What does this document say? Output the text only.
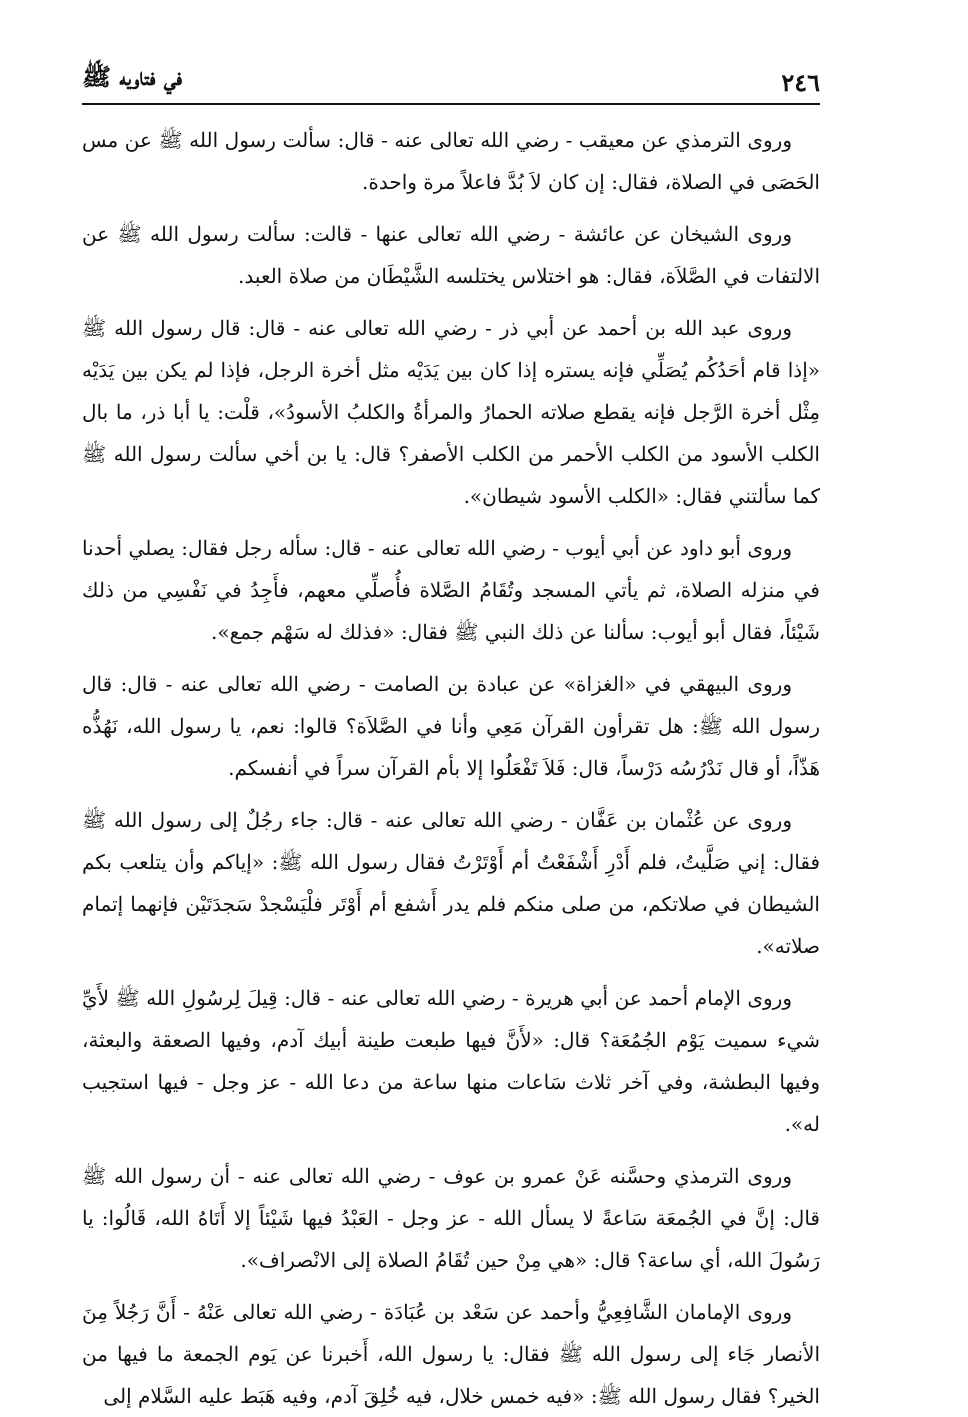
٢٤٦
في فتاويه ﷺ

وروى الترمذي عن معيقب - رضي الله تعالى عنه - قال: سألت رسول الله ﷺ عن مس الحَصَى في الصلاة، فقال: إن كان لاَ بُدَّ فاعلاً مرة واحدة.

وروى الشيخان عن عائشة - رضي الله تعالى عنها - قالت: سألت رسول الله ﷺ عن الالتفات في الصَّلاَة، فقال: هو اختلاس يختلسه الشَّيْطَان من صلاة العبد.

وروى عبد الله بن أحمد عن أبي ذر - رضي الله تعالى عنه - قال: قال رسول الله ﷺ «إذا قام أحَدُكُم يُصَلِّي فإنه يستره إذا كان بين يَدَيْه مثل أخرة الرجل، فإذا لم يكن بين يَدَيْه مِثْل أخرة الرَّجل فإنه يقطع صلاته الحمارُ والمرأةُ والكلبُ الأسودُ»، قلْت: يا أبا ذر، ما بال الكلب الأسود من الكلب الأحمر من الكلب الأصفر؟ قال: يا بن أخي سألت رسول الله ﷺ كما سألتني فقال: «الكلب الأسود شيطان».

وروى أبو داود عن أبي أيوب - رضي الله تعالى عنه - قال: سأله رجل فقال: يصلي أحدنا في منزله الصلاة، ثم يأتي المسجد وتُقَامُ الصَّلاة فأُصلِّي معهم، فأَجِدُ في نَفْسِي من ذلك شَيْئاً، فقال أبو أيوب: سألنا عن ذلك النبي ﷺ فقال: «فذلك له سَهْم جمع».

وروى البيهقي في «الغزاة» عن عبادة بن الصامت - رضي الله تعالى عنه - قال: قال رسول الله ﷺ: هل تقرأون القرآن مَعِي وأنا في الصَّلاَة؟ قالوا: نعم، يا رسول الله، نَهُذُّه هَذّاً، أو قال نَدْرُسُه دَرْساً، قال: فَلاَ تَفْعَلُوا إلا بأم القرآن سراً في أنفسكم.

وروى عن عُثْمان بن عَفَّان - رضي الله تعالى عنه - قال: جاء رجُلٌ إلى رسول الله ﷺ فقال: إني صَلَّيتُ، فلم أَدْرِ أَشْفَعْتُ أم أَوْتَرْتُ فقال رسول الله ﷺ: «إياكم وأن يتلعب بكم الشيطان في صلاتكم، من صلى منكم فلم يدر أَشفع أم أَوْتَر فلْيَسْجدْ سَجدَتَيْن فإنهما إتمام صلاته».

وروى الإمام أحمد عن أبي هريرة - رضي الله تعالى عنه - قال: قِيلَ لِرسُولِ الله ﷺ لأَيِّ شيء سميت يَوْم الجُمُعَة؟ قال: «لأَنَّ فيها طبعت طينة أبيك آدم، وفيها الصعقة والبعثة، وفيها البطشة، وفي آخر ثلاث سَاعات منها ساعة من دعا الله - عز وجل - فيها استجيب له».

وروى الترمذي وحسَّنه عَنْ عمرو بن عوف - رضي الله تعالى عنه - أن رسول الله ﷺ قال: إنَّ في الجُمعَة سَاعةً لا يسأل الله - عز وجل - العَبْدُ فيها شَيْئاً إلا أَتَاهُ الله، قَالُوا: يا رَسُولَ الله، أي ساعة؟ قال: «هي مِنْ حين تُقَامُ الصلاة إلى الانْصراف».

وروى الإمامان الشَّافِعِيُّ وأحمد عن سَعْد بن عُبَادَة - رضي الله تعالى عَنْهُ - أَنَّ رَجُلاً مِنَ الأنصار جَاء إلى رسول الله ﷺ فقال: يا رسول الله، أَخبرنا عن يَوم الجمعة ما فيها من الخير؟ فقال رسول الله ﷺ: «فيه خمس خلال، فيه خُلِقَ آدم، وفيه هَبَط عليه السَّلام إلى
